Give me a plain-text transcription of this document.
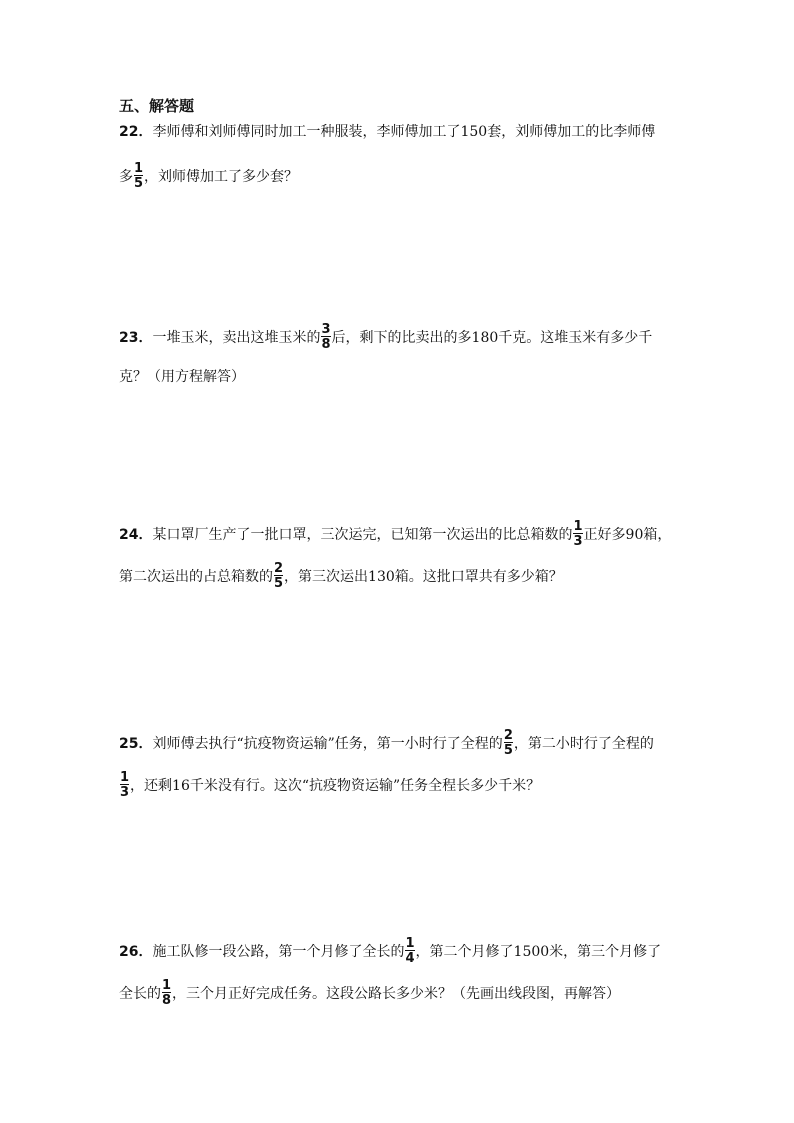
五、解答题
22．李师傅和刘师傅同时加工一种服装，李师傅加工了150套，刘师傅加工的比李师傅
多 $\frac{1}{5}$ ，刘师傅加工了多少套？
23．一堆玉米，卖出这堆玉米的 $\frac{3}{8}$ 后，剩下的比卖出的多180千克。这堆玉米有多少千
克？（用方程解答）
24．某口罩厂生产了一批口罩，三次运完，已知第一次运出的比总箱数的 $\frac{1}{3}$ 正好多90箱，
第二次运出的占总箱数的 $\frac{2}{5}$ ，第三次运出130箱。这批口罩共有多少箱？
25．刘师傅去执行“抗疫物资运输”任务，第一小时行了全程的 $\frac{2}{5}$ ，第二小时行了全程的
$\frac{1}{3}$ ，还剩16千米没有行。这次“抗疫物资运输”任务全程长多少千米？
26．施工队修一段公路，第一个月修了全长的 $\frac{1}{4}$ ，第二个月修了1500米，第三个月修了
全长的 $\frac{1}{8}$ ，三个月正好完成任务。这段公路长多少米？（先画出线段图，再解答）
